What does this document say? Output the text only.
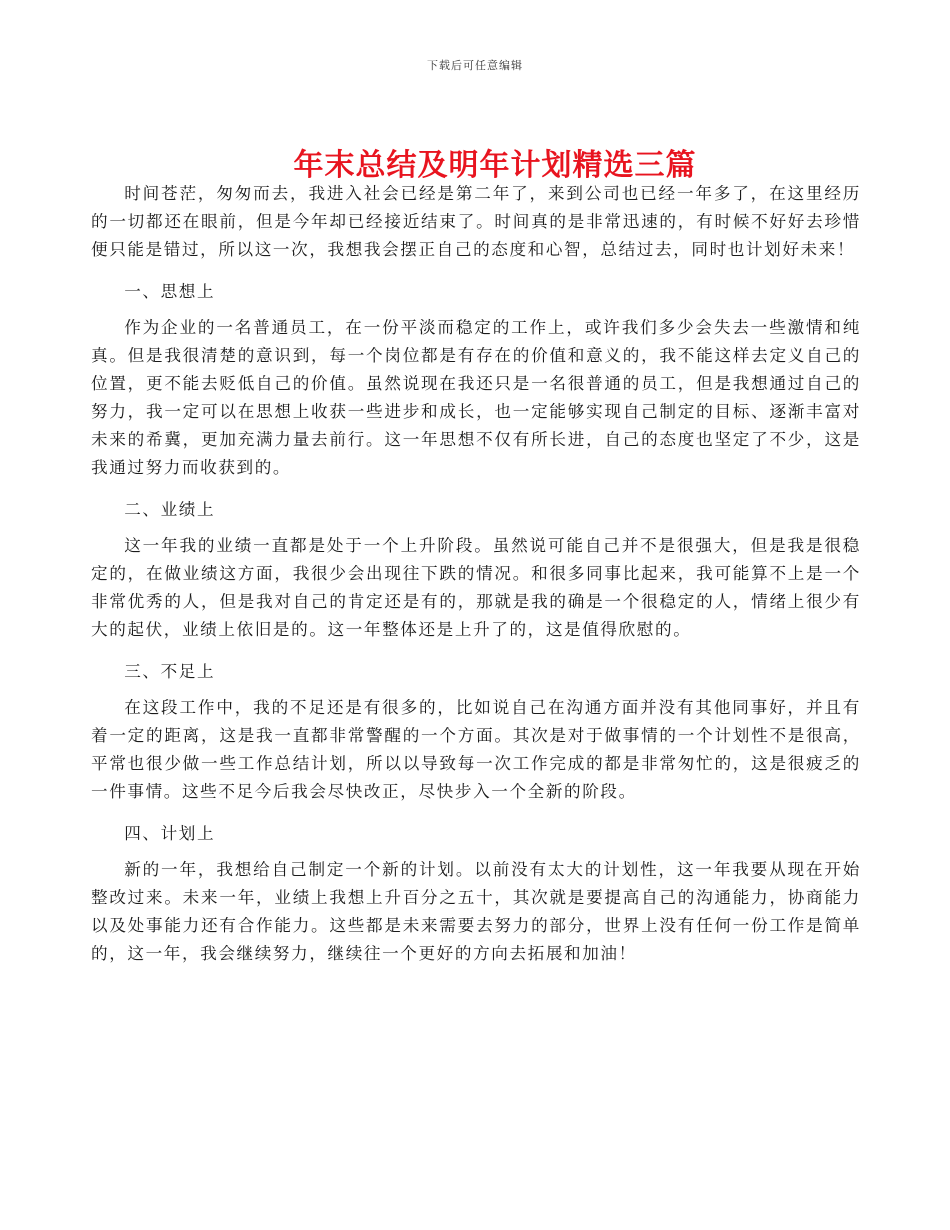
下载后可任意编辑
年末总结及明年计划精选三篇

时间苍茫，匆匆而去，我进入社会已经是第二年了，来到公司也已经一年多了，在这里经历的一切都还在眼前，但是今年却已经接近结束了。时间真的是非常迅速的，有时候不好好去珍惜便只能是错过，所以这一次，我想我会摆正自己的态度和心智，总结过去，同时也计划好未来！

一、思想上

作为企业的一名普通员工，在一份平淡而稳定的工作上，或许我们多少会失去一些激情和纯真。但是我很清楚的意识到，每一个岗位都是有存在的价值和意义的，我不能这样去定义自己的位置，更不能去贬低自己的价值。虽然说现在我还只是一名很普通的员工，但是我想通过自己的努力，我一定可以在思想上收获一些进步和成长，也一定能够实现自己制定的目标、逐渐丰富对未来的希冀，更加充满力量去前行。这一年思想不仅有所长进，自己的态度也坚定了不少，这是我通过努力而收获到的。

二、业绩上

这一年我的业绩一直都是处于一个上升阶段。虽然说可能自己并不是很强大，但是我是很稳定的，在做业绩这方面，我很少会出现往下跌的情况。和很多同事比起来，我可能算不上是一个非常优秀的人，但是我对自己的肯定还是有的，那就是我的确是一个很稳定的人，情绪上很少有大的起伏，业绩上依旧是的。这一年整体还是上升了的，这是值得欣慰的。

三、不足上

在这段工作中，我的不足还是有很多的，比如说自己在沟通方面并没有其他同事好，并且有着一定的距离，这是我一直都非常警醒的一个方面。其次是对于做事情的一个计划性不是很高，平常也很少做一些工作总结计划，所以以导致每一次工作完成的都是非常匆忙的，这是很疲乏的一件事情。这些不足今后我会尽快改正，尽快步入一个全新的阶段。

四、计划上

新的一年，我想给自己制定一个新的计划。以前没有太大的计划性，这一年我要从现在开始整改过来。未来一年，业绩上我想上升百分之五十，其次就是要提高自己的沟通能力，协商能力以及处事能力还有合作能力。这些都是未来需要去努力的部分，世界上没有任何一份工作是简单的，这一年，我会继续努力，继续往一个更好的方向去拓展和加油！
